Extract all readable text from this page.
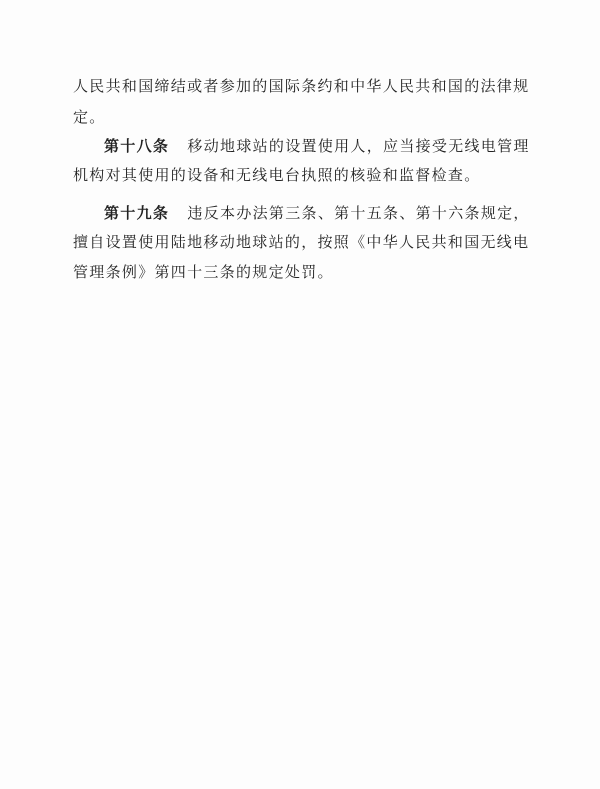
人民共和国缔结或者参加的国际条约和中华人民共和国的法律规
定。
第十八条 移动地球站的设置使用人，应当接受无线电管理
机构对其使用的设备和无线电台执照的核验和监督检查。
第十九条 违反本办法第三条、第十五条、第十六条规定，
擅自设置使用陆地移动地球站的，按照《中华人民共和国无线电
管理条例》第四十三条的规定处罚。
